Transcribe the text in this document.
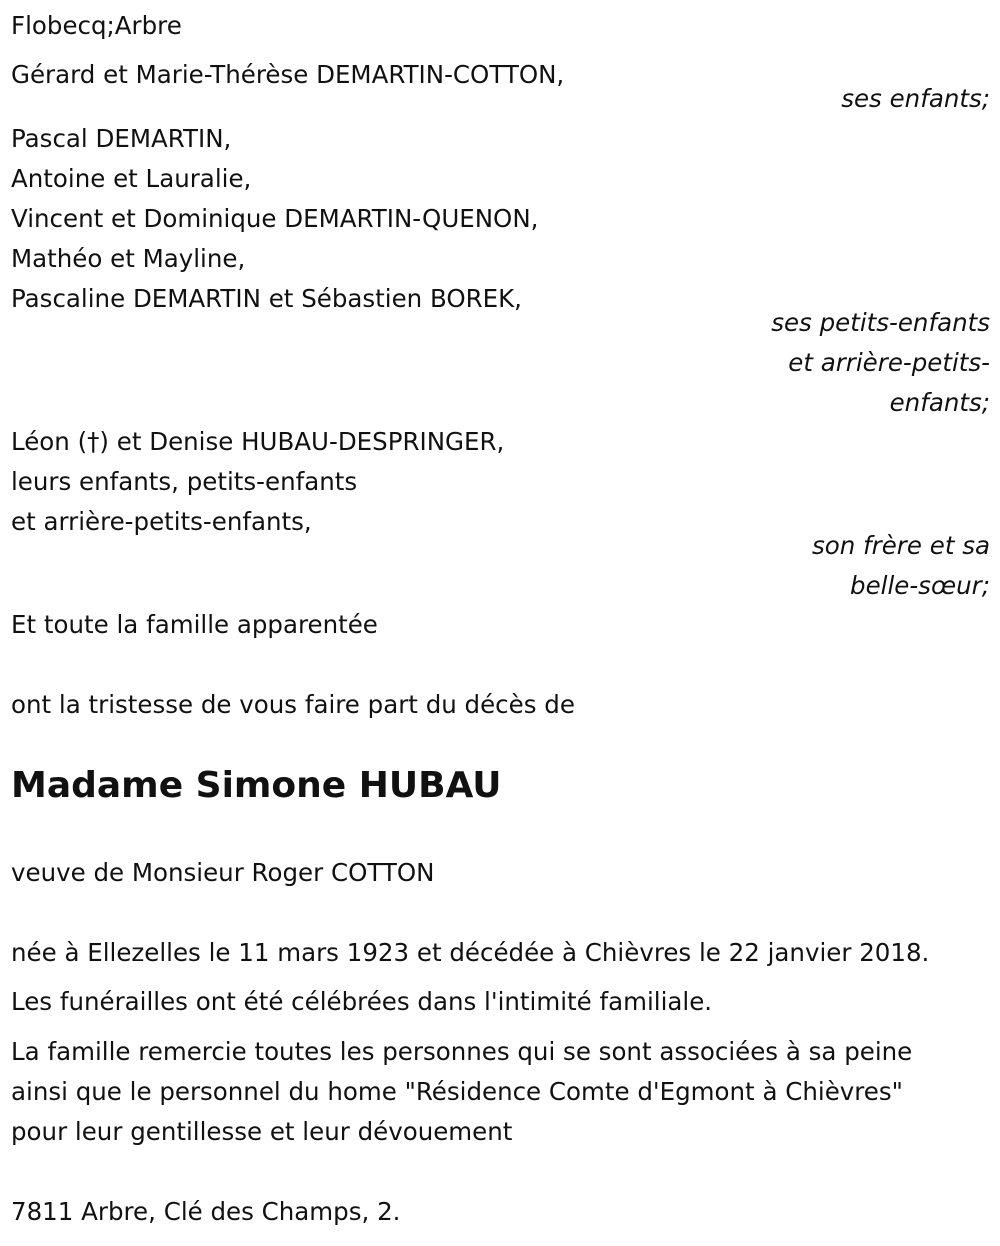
Flobecq;Arbre
Gérard et Marie-Thérèse DEMARTIN-COTTON,
ses enfants;
Pascal DEMARTIN,
Antoine et Lauralie,
Vincent et Dominique DEMARTIN-QUENON,
Mathéo et Mayline,
Pascaline DEMARTIN et Sébastien BOREK,
ses petits-enfants
et arrière-petits-
enfants;
Léon (†) et Denise HUBAU-DESPRINGER,
leurs enfants, petits-enfants
et arrière-petits-enfants,
son frère et sa
belle-sœur;
Et toute la famille apparentée
ont la tristesse de vous faire part du décès de
Madame Simone HUBAU
veuve de Monsieur Roger COTTON
née à Ellezelles le 11 mars 1923 et décédée à Chièvres le 22 janvier 2018.
Les funérailles ont été célébrées dans l'intimité familiale.
La famille remercie toutes les personnes qui se sont associées à sa peine
ainsi que le personnel du home "Résidence Comte d'Egmont à Chièvres"
pour leur gentillesse et leur dévouement
7811 Arbre, Clé des Champs, 2.
